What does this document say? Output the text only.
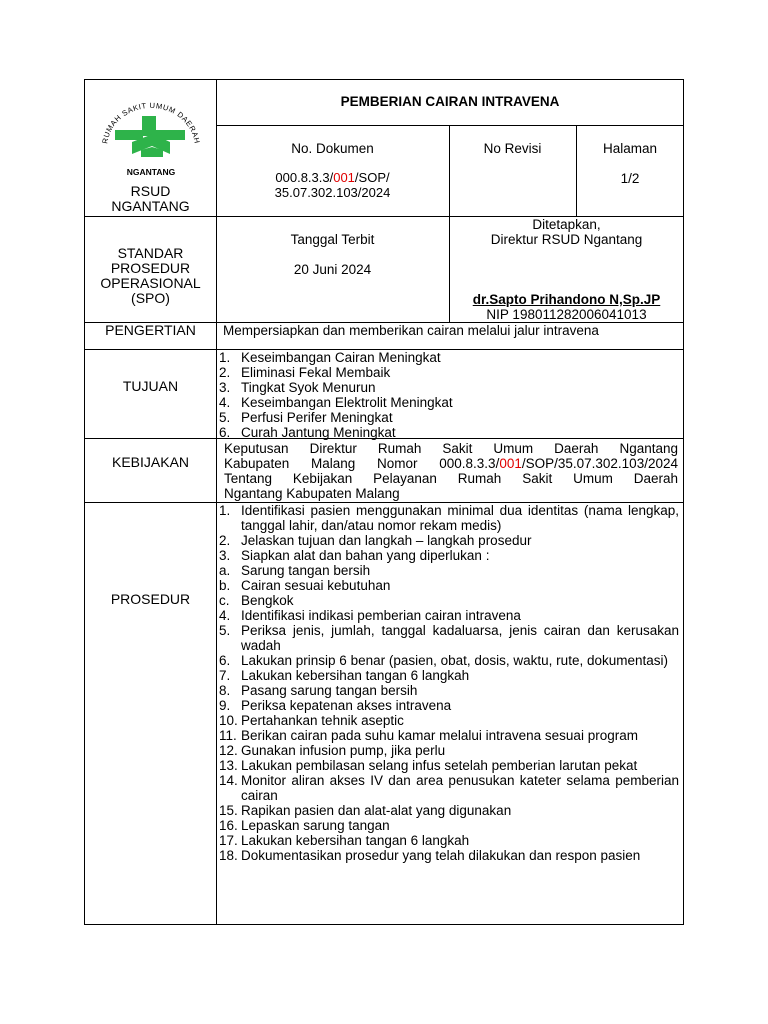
RUMAH SAKIT UMUM DAERAH
NGANTANG
RSUD
NGANTANG
PEMBERIAN CAIRAN INTRAVENA
No. Dokumen
000.8.3.3/001/SOP/
35.07.302.103/2024
No Revisi	Halaman
1/2
STANDAR
PROSEDUR
OPERASIONAL
(SPO)
Tanggal Terbit
20 Juni 2024
Ditetapkan,
Direktur RSUD Ngantang
dr.Sapto Prihandono N,Sp.JP
NIP 198011282006041013
PENGERTIAN	Mempersiapkan dan memberikan cairan melalui jalur intravena
TUJUAN
1. Keseimbangan Cairan Meningkat
2. Eliminasi Fekal Membaik
3. Tingkat Syok Menurun
4. Keseimbangan Elektrolit Meningkat
5. Perfusi Perifer Meningkat
6. Curah Jantung Meningkat
KEBIJAKAN
Keputusan Direktur Rumah Sakit Umum Daerah Ngantang
Kabupaten Malang Nomor 000.8.3.3/001/SOP/35.07.302.103/2024
Tentang Kebijakan Pelayanan Rumah Sakit Umum Daerah
Ngantang Kabupaten Malang
PROSEDUR
1. Identifikasi pasien menggunakan minimal dua identitas (nama lengkap, tanggal lahir, dan/atau nomor rekam medis)
2. Jelaskan tujuan dan langkah – langkah prosedur
3. Siapkan alat dan bahan yang diperlukan :
a. Sarung tangan bersih
b. Cairan sesuai kebutuhan
c. Bengkok
4. Identifikasi indikasi pemberian cairan intravena
5. Periksa jenis, jumlah, tanggal kadaluarsa, jenis cairan dan kerusakan wadah
6. Lakukan prinsip 6 benar (pasien, obat, dosis, waktu, rute, dokumentasi)
7. Lakukan kebersihan tangan 6 langkah
8. Pasang sarung tangan bersih
9. Periksa kepatenan akses intravena
10. Pertahankan tehnik aseptic
11. Berikan cairan pada suhu kamar melalui intravena sesuai program
12. Gunakan infusion pump, jika perlu
13. Lakukan pembilasan selang infus setelah pemberian larutan pekat
14. Monitor aliran akses IV dan area penusukan kateter selama pemberian cairan
15. Rapikan pasien dan alat-alat yang digunakan
16. Lepaskan sarung tangan
17. Lakukan kebersihan tangan 6 langkah
18. Dokumentasikan prosedur yang telah dilakukan dan respon pasien
